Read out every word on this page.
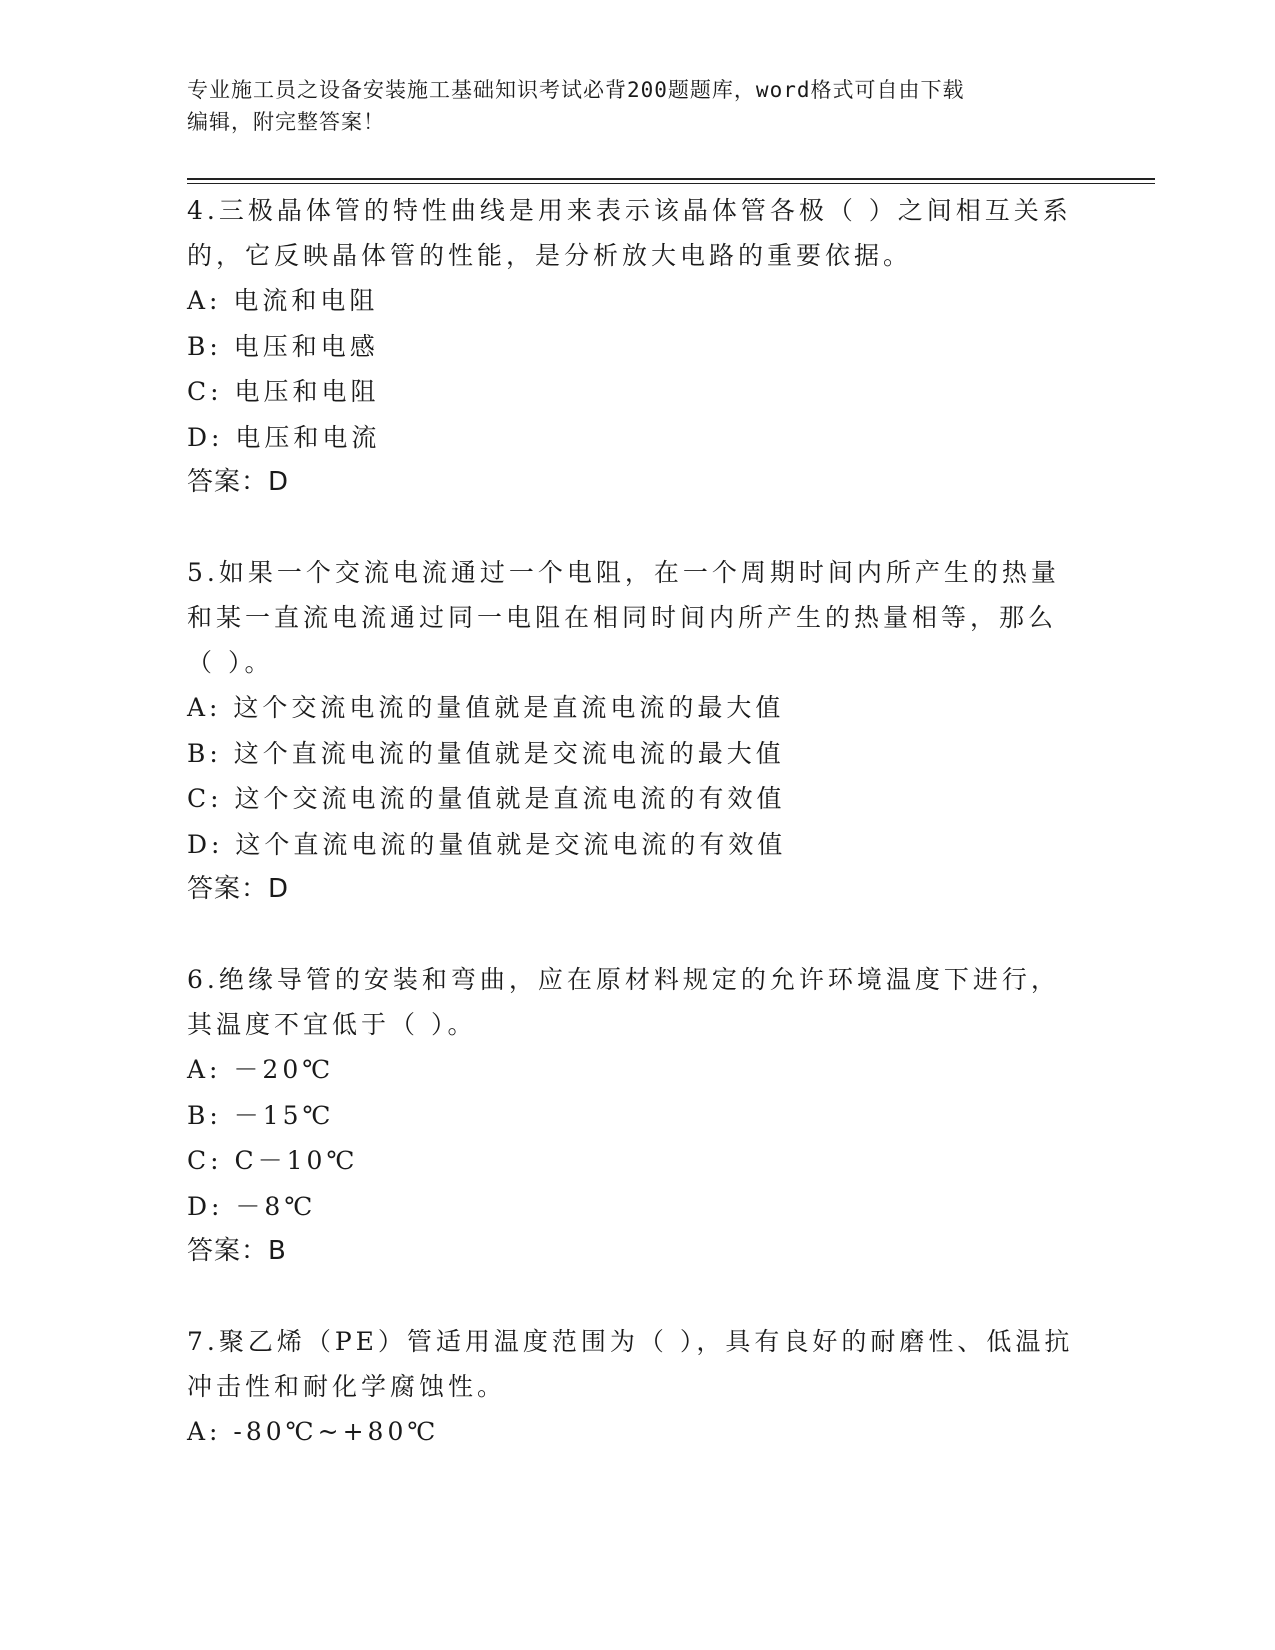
专业施工员之设备安装施工基础知识考试必背200题题库，word格式可自由下载
编辑，附完整答案！
4.三极晶体管的特性曲线是用来表示该晶体管各极（ ）之间相互关系
的，它反映晶体管的性能，是分析放大电路的重要依据。
A: 电流和电阻
B: 电压和电感
C: 电压和电阻
D: 电压和电流
答案：D
5.如果一个交流电流通过一个电阻，在一个周期时间内所产生的热量
和某一直流电流通过同一电阻在相同时间内所产生的热量相等，那么
（ ）。
A: 这个交流电流的量值就是直流电流的最大值
B: 这个直流电流的量值就是交流电流的最大值
C: 这个交流电流的量值就是直流电流的有效值
D: 这个直流电流的量值就是交流电流的有效值
答案：D
6.绝缘导管的安装和弯曲，应在原材料规定的允许环境温度下进行，
其温度不宜低于（ ）。
A: －20℃
B: －15℃
C: C－10℃
D: －8℃
答案：B
7.聚乙烯（PE）管适用温度范围为（ ），具有良好的耐磨性、低温抗
冲击性和耐化学腐蚀性。
A: -80℃~+80℃
